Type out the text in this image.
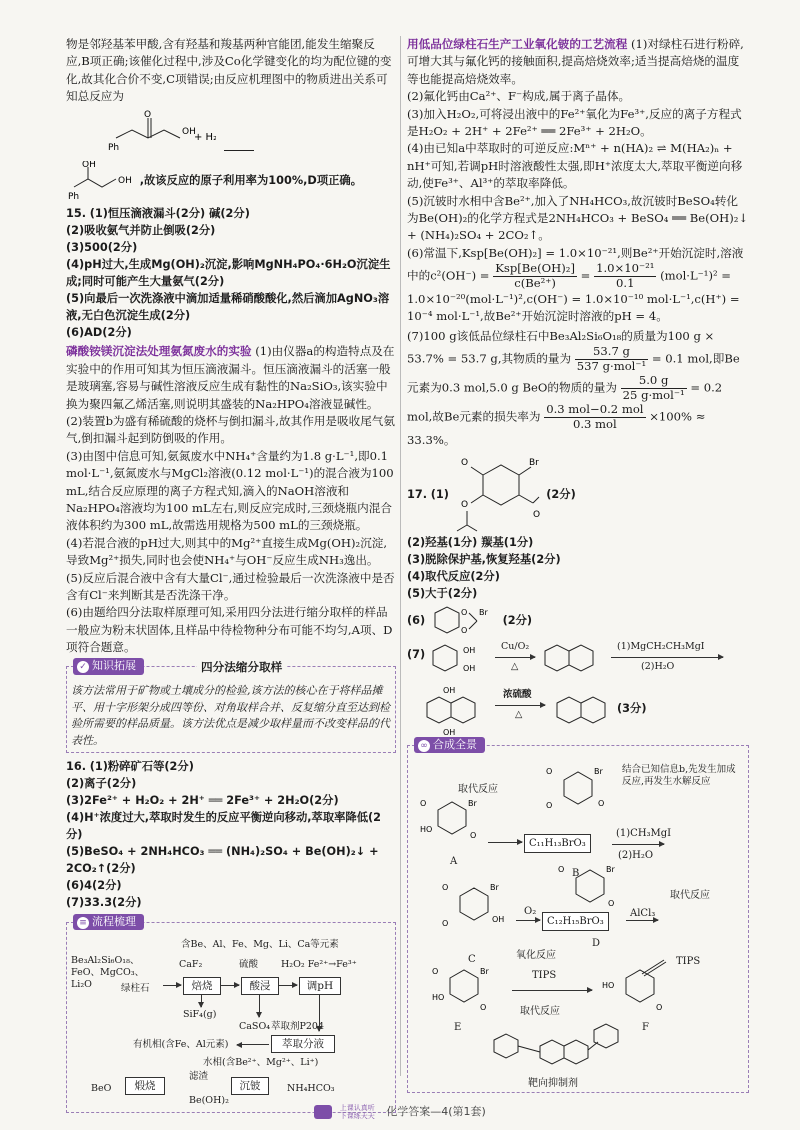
物是邻羟基苯甲酸,含有羟基和羧基两种官能团,能发生缩聚反应,B项正确;该催化过程中,涉及Co化学键变化的均为配位键的变化,故其化合价不变,C项错误;由反应机理图中的物质进出关系可知总反应为

O
OH
Ph
+ H₂

OH
OH
Ph
,故该反应的原子利用率为100%,D项正确。

15. (1)恒压滴液漏斗(2分) 碱(2分)

(2)吸收氨气并防止倒吸(2分)

(3)500(2分)

(4)pH过大,生成Mg(OH)₂沉淀,影响MgNH₄PO₄·6H₂O沉淀生成;同时可能产生大量氨气(2分)

(5)向最后一次洗涤液中滴加适量稀硝酸酸化,然后滴加AgNO₃溶液,无白色沉淀生成(2分)

(6)AD(2分)

磷酸铵镁沉淀法处理氨氮废水的实验 (1)由仪器a的构造特点及在实验中的作用可知其为恒压滴液漏斗。恒压滴液漏斗的活塞一般是玻璃塞,容易与碱性溶液反应生成有黏性的Na₂SiO₃,该实验中换为聚四氟乙烯活塞,则说明其盛装的Na₂HPO₄溶液显碱性。

(2)装置b为盛有稀硫酸的烧杯与倒扣漏斗,故其作用是吸收尾气氨气,倒扣漏斗起到防倒吸的作用。

(3)由图中信息可知,氨氮废水中NH₄⁺含量约为1.8 g·L⁻¹,即0.1 mol·L⁻¹,氨氮废水与MgCl₂溶液(0.12 mol·L⁻¹)的混合液为100 mL,结合反应原理的离子方程式知,滴入的NaOH溶液和Na₂HPO₄溶液均为100 mL左右,则反应完成时,三颈烧瓶内混合液体积约为300 mL,故需选用规格为500 mL的三颈烧瓶。

(4)若混合液的pH过大,则其中的Mg²⁺直接生成Mg(OH)₂沉淀,导致Mg²⁺损失,同时也会使NH₄⁺与OH⁻反应生成NH₃逸出。

(5)反应后混合液中含有大量Cl⁻,通过检验最后一次洗涤液中是否含有Cl⁻来判断其是否洗涤干净。

(6)由题给四分法取样原理可知,采用四分法进行缩分取样的样品一般应为粉末状固体,且样品中待检物种分布可能不均匀,A项、D项符合题意。

✓ 知识拓展	四分法缩分取样

该方法常用于矿物或土壤成分的检验,该方法的核心在于将样品摊平、用十字形架分成四等份、对角取样合并、反复缩分直至达到检验所需要的样品质量。该方法优点是减少取样量而不改变样品的代表性。

16. (1)粉碎矿石等(2分)

(2)离子(2分)

(3)2Fe²⁺ + H₂O₂ + 2H⁺ ══ 2Fe³⁺ + 2H₂O(2分)

(4)H⁺浓度过大,萃取时发生的反应平衡逆向移动,萃取率降低(2分)

(5)BeSO₄ + 2NH₄HCO₃ ══ (NH₄)₂SO₄ + Be(OH)₂↓ + 2CO₂↑(2分)

(6)4(2分)

(7)33.3(2分)

≡ 流程梳理
含Be、Al、Fe、Mg、Li、Ca等元素
Be₃Al₂Si₆O₁₈、FeO、MgCO₃、Li₂O	绿柱石
CaF₂	硫酸 H₂O₂ Fe²⁺→Fe³⁺
焙烧	酸浸	调pH
SiF₄(g)
CaSO₄ 萃取剂P204
萃取分液
有机相(含Fe、Al元素)
水相(含Be²⁺、Mg²⁺、Li⁺)
BeO	煅烧
滤渣
沉铍	NH₄HCO₃
Be(OH)₂

用低品位绿柱石生产工业氧化铍的工艺流程 (1)对绿柱石进行粉碎,可增大其与氟化钙的接触面积,提高焙烧效率;适当提高焙烧的温度等也能提高焙烧效率。

(2)氟化钙由Ca²⁺、F⁻构成,属于离子晶体。

(3)加入H₂O₂,可将浸出液中的Fe²⁺氧化为Fe³⁺,反应的离子方程式是H₂O₂ + 2H⁺ + 2Fe²⁺ ══ 2Fe³⁺ + 2H₂O。

(4)由已知a中萃取时的可逆反应:Mⁿ⁺ + n(HA)₂ ⇌ M(HA₂)ₙ + nH⁺可知,若调pH时溶液酸性太强,即H⁺浓度太大,萃取平衡逆向移动,使Fe³⁺、Al³⁺的萃取率降低。

(5)沉铍时水相中含Be²⁺,加入了NH₄HCO₃,故沉铍时BeSO₄转化为Be(OH)₂的化学方程式是2NH₄HCO₃ + BeSO₄ ══ Be(OH)₂↓ + (NH₄)₂SO₄ + 2CO₂↑。

(6)常温下,Ksp[Be(OH)₂] = 1.0×10⁻²¹,则Be²⁺开始沉淀时,溶液中的$c^2(OH^-) = \frac{\text{Ksp[Be(OH)₂]}}{\text{c(Be²⁺)}} = \frac{\text{1.0×10⁻²¹}}{0.1} (mol\cdot L^{-1})^2$ =

1.0×10⁻²⁰(mol·L⁻¹)²,c(OH⁻) = 1.0×10⁻¹⁰ mol·L⁻¹,c(H⁺) = 10⁻⁴ mol·L⁻¹,故Be²⁺开始沉淀时溶液的pH = 4。

(7)100 g该低品位绿柱石中Be₃Al₂Si₆O₁₈的质量为100 g × 53.7% = 53.7 g,其物质的量为 $\frac{53.7 g}{\text{537 g·mol⁻¹}} = 0.1$ mol,即Be元素为0.3 mol,5.0 g BeO的物质的量为 $\frac{5.0 g}{\text{25 g·mol⁻¹}} = 0.2$ mol,故Be元素的损失率为 $\frac{\text{0.3 mol−0.2 mol}}{\text{0.3 mol}} \times 100\% \approx 33.3\%$。

17. (1)
Br
O
O
O
(2分)

(2)羟基(1分) 羰基(1分)

(3)脱除保护基,恢复羟基(2分)

(4)取代反应(2分)

(5)大于(2分)

(6)
O
O
Br
(2分)

(7)	OH
OH
Cu/O₂
△
(1)MgCH₂CH₃MgI
(2)H₂O
OH
OH
浓硫酸
△	(3分)
∞ 合成全景
取代反应
结合已知信息b,先发生加成反应,再发生水解反应
Br
O
HO
O
A
C₁₁H₁₃BrO₃
(1)CH₃MgI
(2)H₂O
Br
O
O	O
B
Br
O
O	OH
C
O₂
氧化反应
C₁₂H₁₅BrO₃
AlCl₃
取代反应
Br
O
O
D
Br
O
HO
O
E
TIPS
取代反应
HO
O
TIPS
F
靶向抑制剂
上课认真听
下课练天天 化学答案—4(第1套)
